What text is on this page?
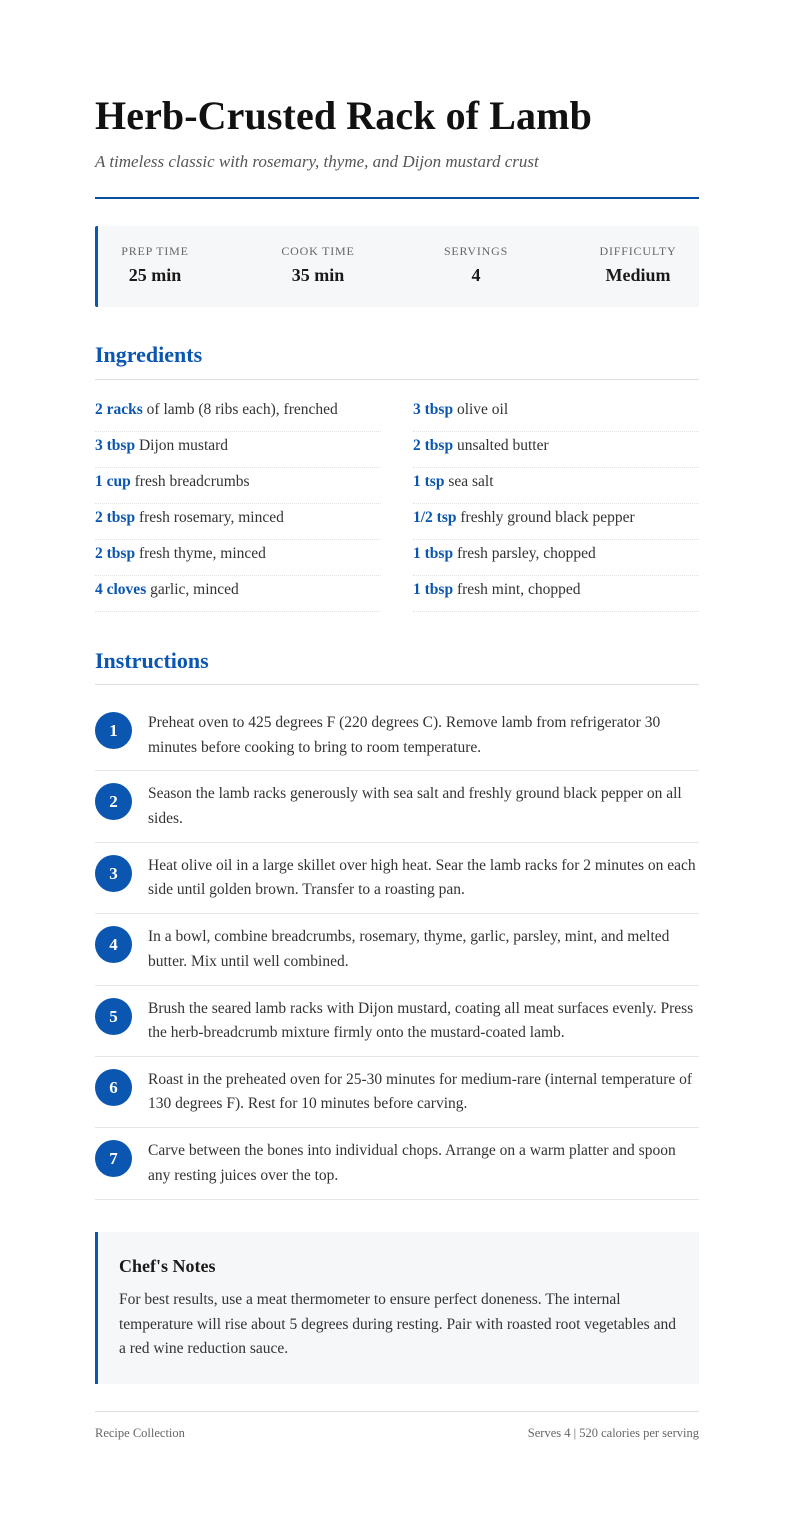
Herb-Crusted Rack of Lamb
A timeless classic with rosemary, thyme, and Dijon mustard crust
PREP TIME
25 min
COOK TIME
35 min
SERVINGS
4
DIFFICULTY
Medium
Ingredients
2 racks of lamb (8 ribs each), frenched
3 tbsp Dijon mustard
1 cup fresh breadcrumbs
2 tbsp fresh rosemary, minced
2 tbsp fresh thyme, minced
4 cloves garlic, minced
3 tbsp olive oil
2 tbsp unsalted butter
1 tsp sea salt
1/2 tsp freshly ground black pepper
1 tbsp fresh parsley, chopped
1 tbsp fresh mint, chopped
Instructions
1	Preheat oven to 425 degrees F (220 degrees C). Remove lamb from refrigerator 30 minutes before cooking to bring to room temperature.
2	Season the lamb racks generously with sea salt and freshly ground black pepper on all sides.
3	Heat olive oil in a large skillet over high heat. Sear the lamb racks for 2 minutes on each side until golden brown. Transfer to a roasting pan.
4	In a bowl, combine breadcrumbs, rosemary, thyme, garlic, parsley, mint, and melted butter. Mix until well combined.
5	Brush the seared lamb racks with Dijon mustard, coating all meat surfaces evenly. Press the herb-breadcrumb mixture firmly onto the mustard-coated lamb.
6	Roast in the preheated oven for 25-30 minutes for medium-rare (internal temperature of 130 degrees F). Rest for 10 minutes before carving.
7	Carve between the bones into individual chops. Arrange on a warm platter and spoon any resting juices over the top.
Chef's Notes
For best results, use a meat thermometer to ensure perfect doneness. The internal temperature will rise about 5 degrees during resting. Pair with roasted root vegetables and a red wine reduction sauce.
Recipe Collection	Serves 4 | 520 calories per serving
